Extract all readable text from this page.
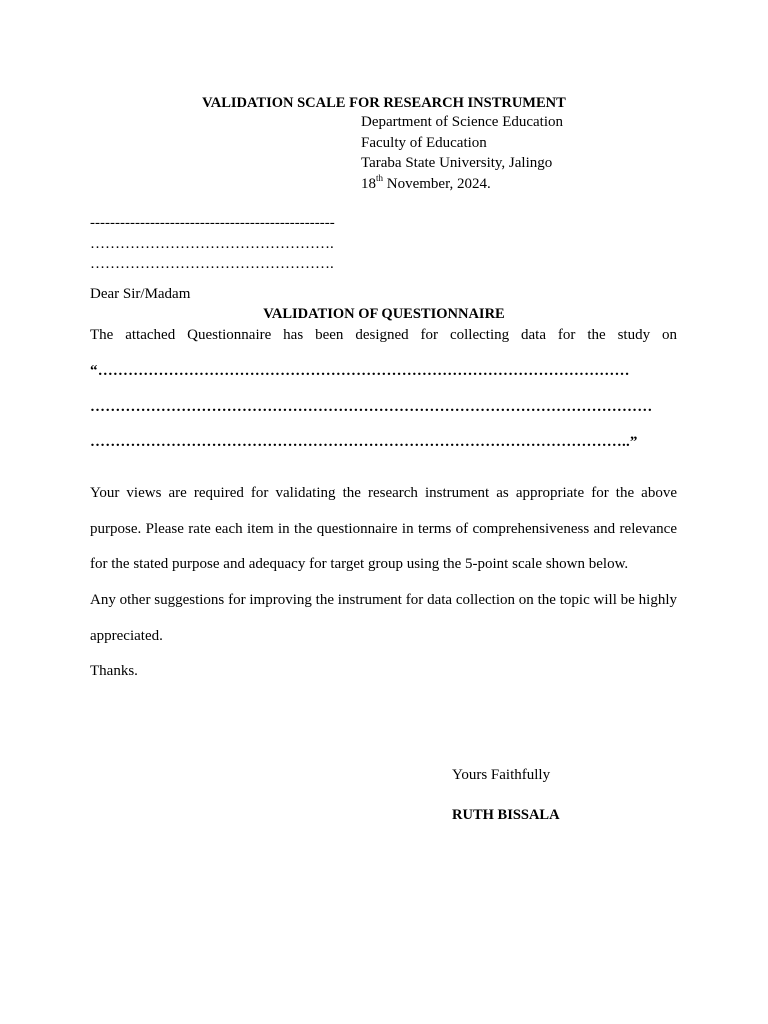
VALIDATION SCALE FOR RESEARCH INSTRUMENT
Department of Science Education
Faculty of Education
Taraba State University, Jalingo
18th November, 2024.
-------------------------------------------------
………………………………………….
………………………………………….
Dear Sir/Madam
VALIDATION OF QUESTIONNAIRE
The attached Questionnaire has been designed for collecting data for the study on
“……………………………………………………………………………………………
…………………………………………………………………………………………………
……………………………………………………………………………………………..”
Your views are required for validating the research instrument as appropriate for the above purpose. Please rate each item in the questionnaire in terms of comprehensiveness and relevance for the stated purpose and adequacy for target group using the 5-point scale shown below.
Any other suggestions for improving the instrument for data collection on the topic will be highly appreciated.
Thanks.
Yours Faithfully
RUTH BISSALA
